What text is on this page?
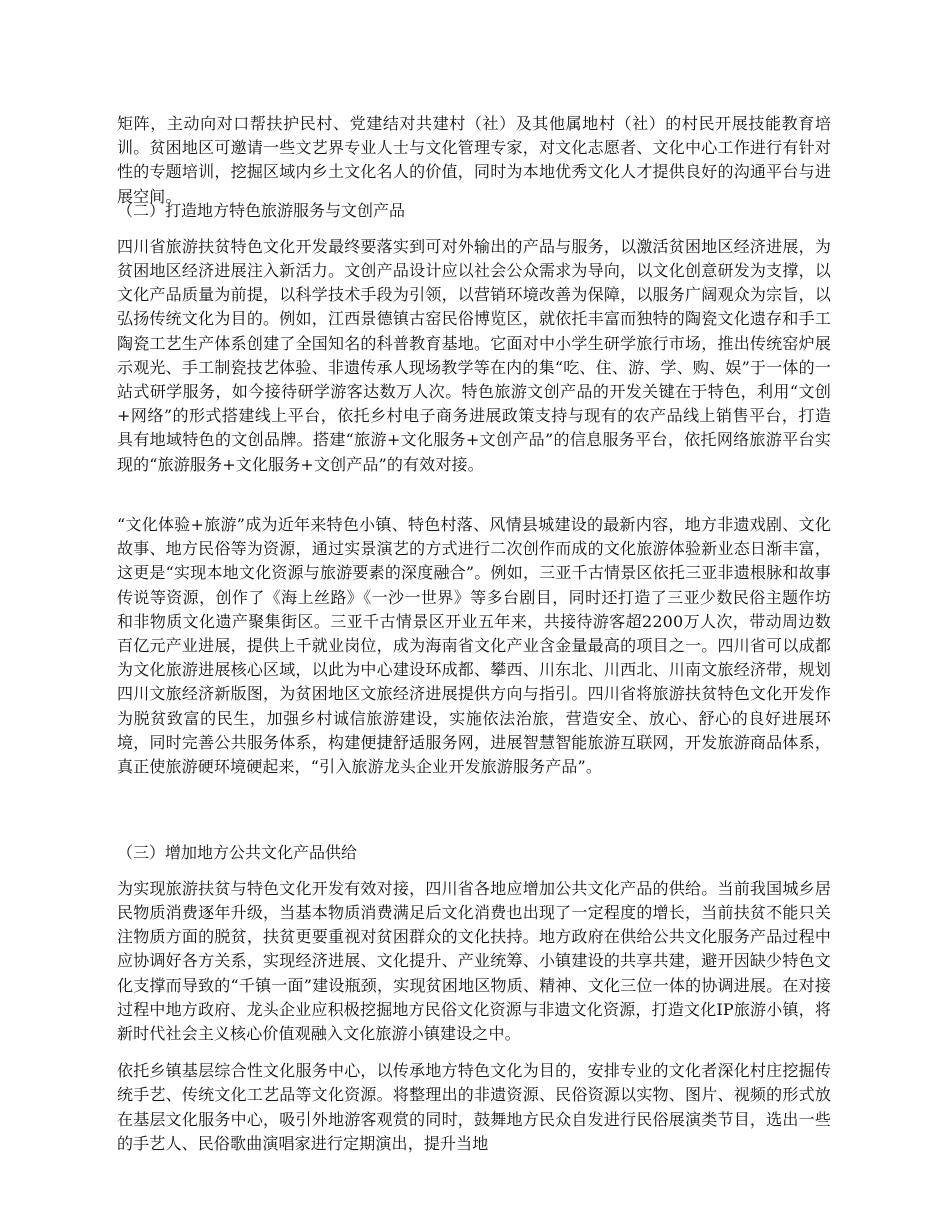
矩阵，主动向对口帮扶护民村、党建结对共建村（社）及其他属地村（社）的村民开展技能教育培训。贫困地区可邀请一些文艺界专业人士与文化管理专家，对文化志愿者、文化中心工作进行有针对性的专题培训，挖掘区域内乡土文化名人的价值，同时为本地优秀文化人才提供良好的沟通平台与进展空间。

（二）打造地方特色旅游服务与文创产品

四川省旅游扶贫特色文化开发最终要落实到可对外输出的产品与服务，以激活贫困地区经济进展，为贫困地区经济进展注入新活力。文创产品设计应以社会公众需求为导向，以文化创意研发为支撑，以文化产品质量为前提，以科学技术手段为引领，以营销环境改善为保障，以服务广阔观众为宗旨，以弘扬传统文化为目的。例如，江西景德镇古窑民俗博览区，就依托丰富而独特的陶瓷文化遗存和手工陶瓷工艺生产体系创建了全国知名的科普教育基地。它面对中小学生研学旅行市场，推出传统窑炉展示观光、手工制瓷技艺体验、非遗传承人现场教学等在内的集“吃、住、游、学、购、娱”于一体的一站式研学服务，如今接待研学游客达数万人次。特色旅游文创产品的开发关键在于特色，利用“文创+网络”的形式搭建线上平台，依托乡村电子商务进展政策支持与现有的农产品线上销售平台，打造具有地域特色的文创品牌。搭建“旅游+文化服务+文创产品”的信息服务平台，依托网络旅游平台实现的“旅游服务+文化服务+文创产品”的有效对接。

“文化体验+旅游”成为近年来特色小镇、特色村落、风情县城建设的最新内容，地方非遗戏剧、文化故事、地方民俗等为资源，通过实景演艺的方式进行二次创作而成的文化旅游体验新业态日渐丰富，这更是“实现本地文化资源与旅游要素的深度融合”。例如，三亚千古情景区依托三亚非遗根脉和故事传说等资源，创作了《海上丝路》《一沙一世界》等多台剧目，同时还打造了三亚少数民俗主题作坊和非物质文化遗产聚集街区。三亚千古情景区开业五年来，共接待游客超2200万人次，带动周边数百亿元产业进展，提供上千就业岗位，成为海南省文化产业含金量最高的项目之一。四川省可以成都为文化旅游进展核心区域，以此为中心建设环成都、攀西、川东北、川西北、川南文旅经济带，规划四川文旅经济新版图，为贫困地区文旅经济进展提供方向与指引。四川省将旅游扶贫特色文化开发作为脱贫致富的民生，加强乡村诚信旅游建设，实施依法治旅，营造安全、放心、舒心的良好进展环境，同时完善公共服务体系，构建便捷舒适服务网，进展智慧智能旅游互联网，开发旅游商品体系，真正使旅游硬环境硬起来，“引入旅游龙头企业开发旅游服务产品”。

（三）增加地方公共文化产品供给

为实现旅游扶贫与特色文化开发有效对接，四川省各地应增加公共文化产品的供给。当前我国城乡居民物质消费逐年升级，当基本物质消费满足后文化消费也出现了一定程度的增长，当前扶贫不能只关注物质方面的脱贫，扶贫更要重视对贫困群众的文化扶持。地方政府在供给公共文化服务产品过程中应协调好各方关系，实现经济进展、文化提升、产业统筹、小镇建设的共享共建，避开因缺少特色文化支撑而导致的“千镇一面”建设瓶颈，实现贫困地区物质、精神、文化三位一体的协调进展。在对接过程中地方政府、龙头企业应积极挖掘地方民俗文化资源与非遗文化资源，打造文化IP旅游小镇，将新时代社会主义核心价值观融入文化旅游小镇建设之中。

依托乡镇基层综合性文化服务中心，以传承地方特色文化为目的，安排专业的文化者深化村庄挖掘传统手艺、传统文化工艺品等文化资源。将整理出的非遗资源、民俗资源以实物、图片、视频的形式放在基层文化服务中心，吸引外地游客观赏的同时，鼓舞地方民众自发进行民俗展演类节目，选出一些的手艺人、民俗歌曲演唱家进行定期演出，提升当地
